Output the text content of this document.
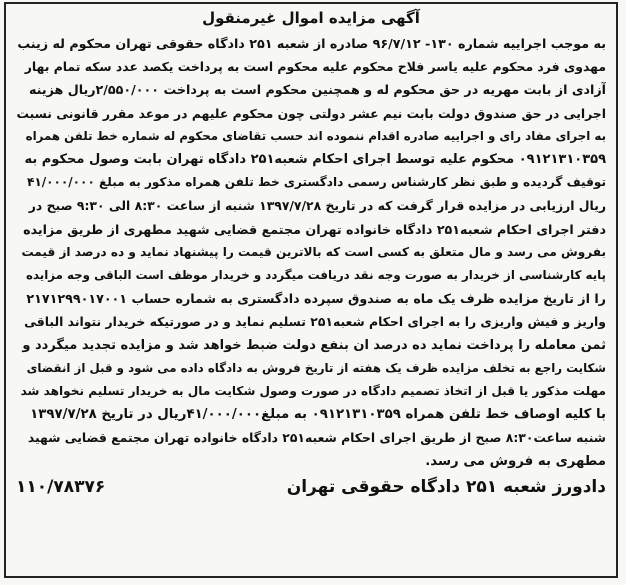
آگهی مزایده اموال غیرمنقول
به موجب اجراییه شماره ۱۳۰- ۹۶/۷/۱۲ صادره از شعبه ۲۵۱ دادگاه حقوقی تهران محکوم له زینب
مهدوی فرد محکوم علیه یاسر فلاح محکوم علیه محکوم است به پرداخت یکصد عدد سکه تمام بهار
آزادی از بابت مهریه در حق محکوم له و همچنین محکوم است به پرداخت ۲/۵۵۰/۰۰۰ریال هزینه
اجرایی در حق صندوق دولت بابت نیم عشر دولتی چون محکوم علیهم در موعد مقرر قانونی نسبت
به اجرای مفاد رای و اجراییه صادره اقدام ننموده اند حسب تقاضای محکوم له شماره خط تلفن همراه
۰۹۱۲۱۳۱۰۳۵۹ محکوم علیه توسط اجرای احکام شعبه۲۵۱ دادگاه تهران بابت وصول محکوم به
توقیف گردیده و طبق نظر کارشناس رسمی دادگستری خط تلفن همراه مذکور به مبلغ ۴۱/۰۰۰/۰۰۰
ریال ارزیابی در مزایده قرار گرفت که در تاریخ ۱۳۹۷/۷/۲۸ شنبه از ساعت ۸:۳۰ الی ۹:۳۰ صبح در
دفتر اجرای احکام شعبه۲۵۱ دادگاه خانواده تهران مجتمع قضایی شهید مطهری از طریق مزایده
بفروش می رسد و مال متعلق به کسی است که بالاترین قیمت را پیشنهاد نماید و ده درصد از قیمت
پایه کارشناسی از خریدار به صورت وجه نقد دریافت میگردد و خریدار موظف است الباقی وجه مزایده
را از تاریخ مزایده ظرف یک ماه به صندوق سپرده دادگستری به شماره حساب ۲۱۷۱۲۹۹۰۱۷۰۰۱
واریز و فیش واریزی را به اجرای احکام شعبه۲۵۱ تسلیم نماید و در صورتیکه خریدار نتواند الباقی
ثمن معامله را پرداخت نماید ده درصد ان بنفع دولت ضبط خواهد شد و مزایده تجدید میگردد و
شکایت راجع به تخلف مزایده ظرف یک هفته از تاریخ فروش به دادگاه داده می شود و قبل از انقضای
مهلت مذکور یا قبل از اتخاذ تصمیم دادگاه در صورت وصول شکایت مال به خریدار تسلیم نخواهد شد
با کلیه اوصاف خط تلفن همراه ۰۹۱۲۱۳۱۰۳۵۹ به مبلغ۴۱/۰۰۰/۰۰۰ریال در تاریخ ۱۳۹۷/۷/۲۸
شنبه ساعت۸:۳۰ صبح از طریق اجرای احکام شعبه۲۵۱ دادگاه خانواده تهران مجتمع قضایی شهید
مطهری به فروش می رسد.
دادورز شعبه ۲۵۱ دادگاه حقوقی تهران
۱۱۰/۷۸۳۷۶
